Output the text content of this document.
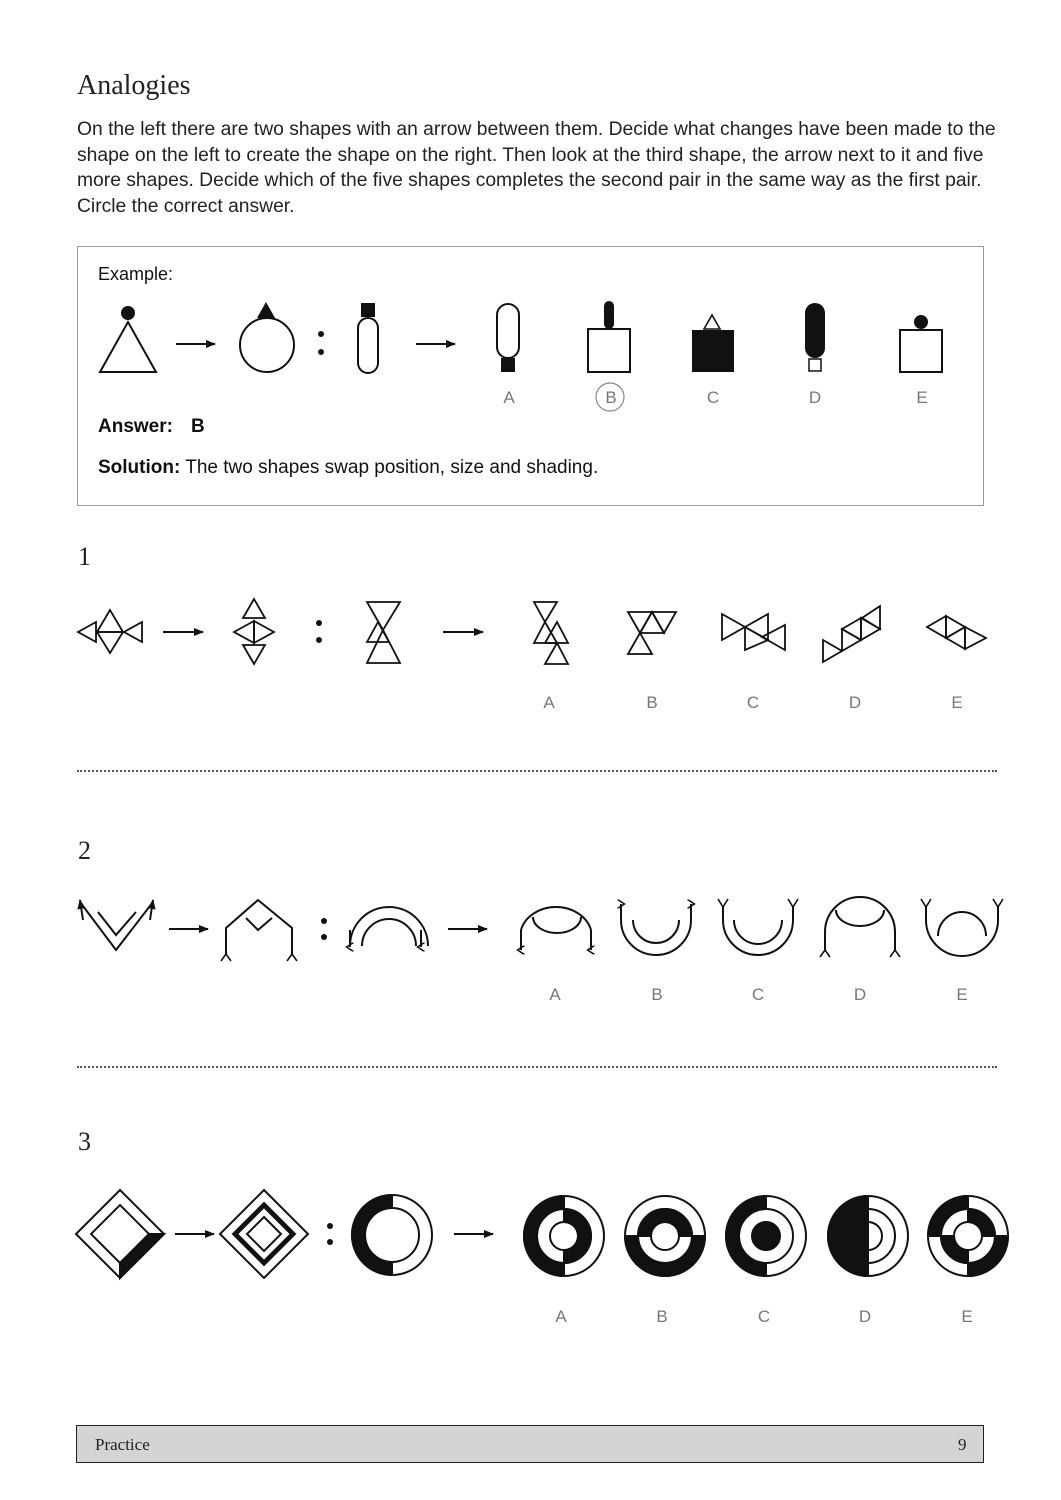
Analogies
On the left there are two shapes with an arrow between them. Decide what changes have been made to the shape on the left to create the shape on the right. Then look at the third shape, the arrow next to it and five more shapes. Decide which of the five shapes completes the second pair in the same way as the first pair. Circle the correct answer.
Example:
Answer: B
Solution: The two shapes swap position, size and shading.
A	B	C	D	E
1
2
3
A	B	C	D	E
A	B	C	D	E
A	B	C	D	E
Practice	9
